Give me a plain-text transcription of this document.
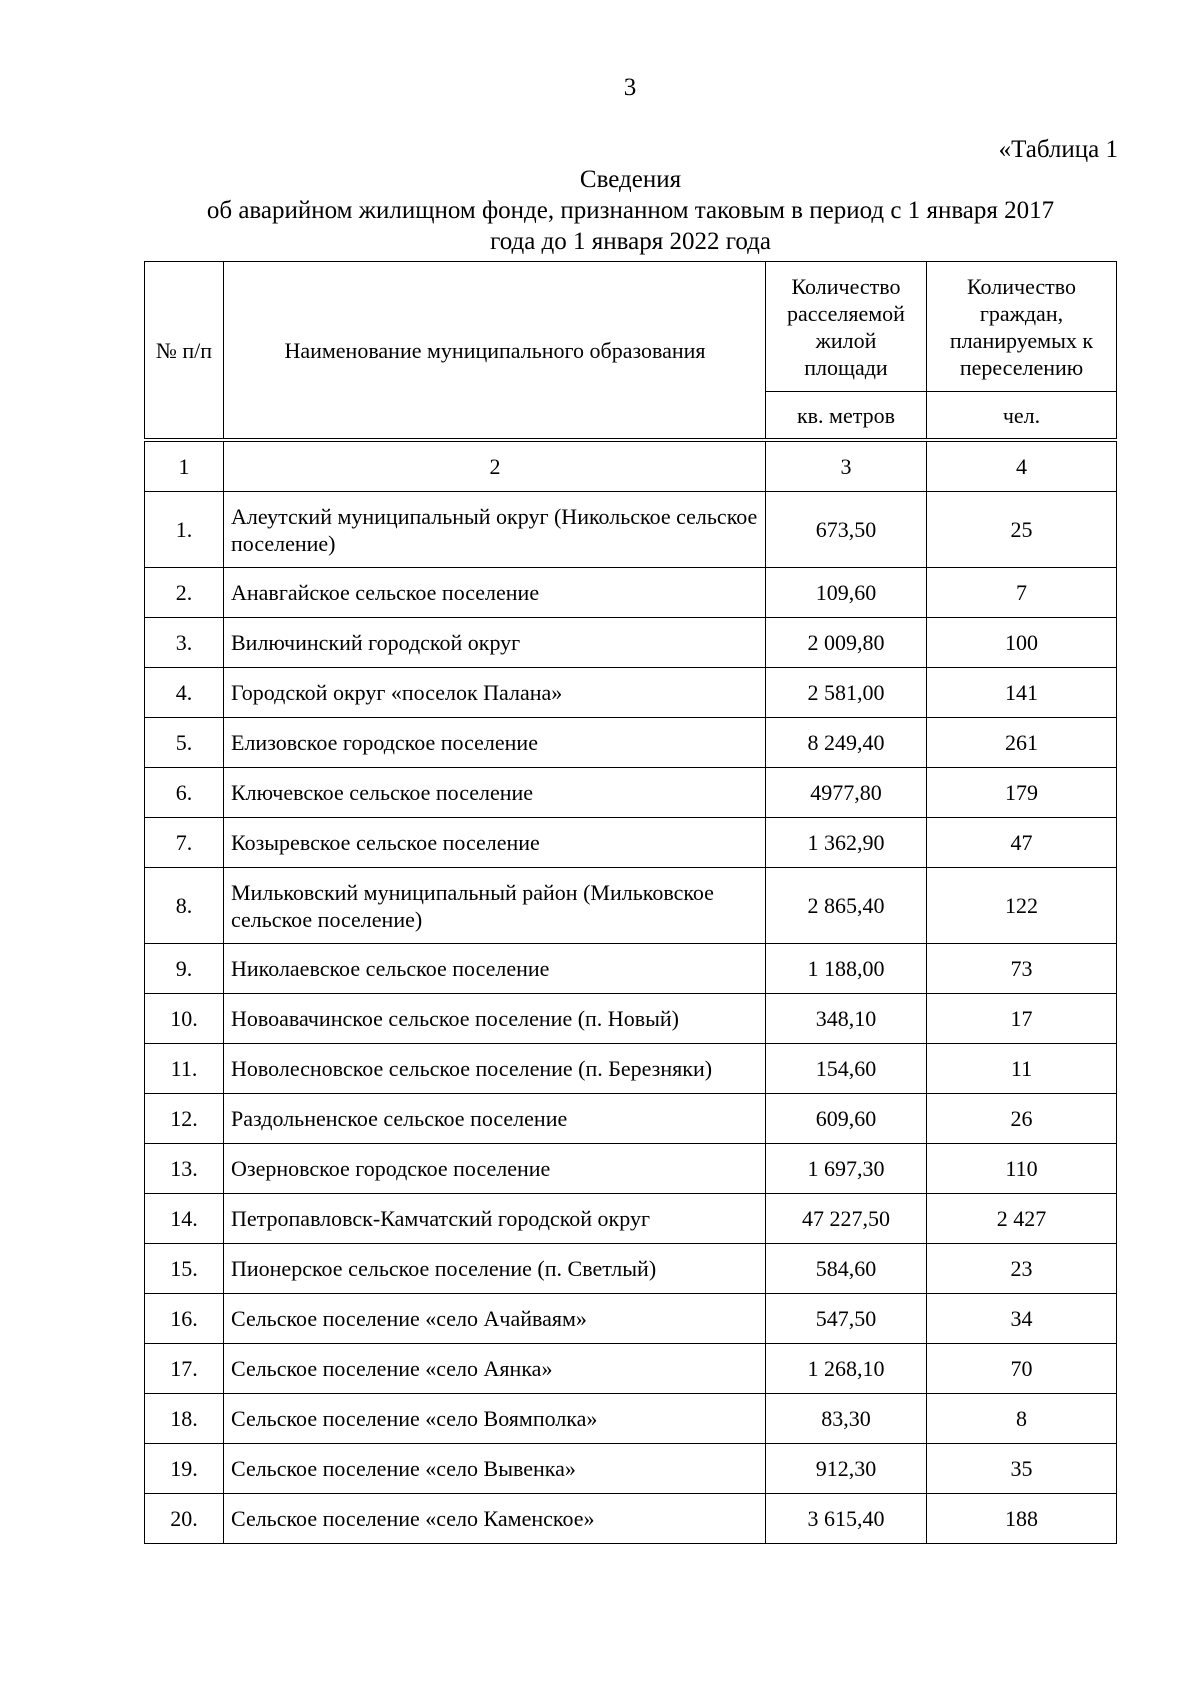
3
«Таблица 1
Сведения
об аварийном жилищном фонде, признанном таковым в период с 1 января 2017
года до 1 января 2022 года
№ п/п	Наименование муниципального образования	Количество расселяемой жилой площади	Количество граждан, планируемых к переселению
		кв. метров	чел.
1	2	3	4
1.	Алеутский муниципальный округ (Никольское сельское поселение)	673,50	25
2.	Анавгайское сельское поселение	109,60	7
3.	Вилючинский городской округ	2 009,80	100
4.	Городской округ «поселок Палана»	2 581,00	141
5.	Елизовское городское поселение	8 249,40	261
6.	Ключевское сельское поселение	4977,80	179
7.	Козыревское сельское поселение	1 362,90	47
8.	Мильковский муниципальный район (Мильковское сельское поселение)	2 865,40	122
9.	Николаевское сельское поселение	1 188,00	73
10.	Новоавачинское сельское поселение (п. Новый)	348,10	17
11.	Новолесновское сельское поселение (п. Березняки)	154,60	11
12.	Раздольненское сельское поселение	609,60	26
13.	Озерновское городское поселение	1 697,30	110
14.	Петропавловск-Камчатский городской округ	47 227,50	2 427
15.	Пионерское сельское поселение (п. Светлый)	584,60	23
16.	Сельское поселение «село Ачайваям»	547,50	34
17.	Сельское поселение «село Аянка»	1 268,10	70
18.	Сельское поселение «село Воямполка»	83,30	8
19.	Сельское поселение «село Вывенка»	912,30	35
20.	Сельское поселение «село Каменское»	3 615,40	188
